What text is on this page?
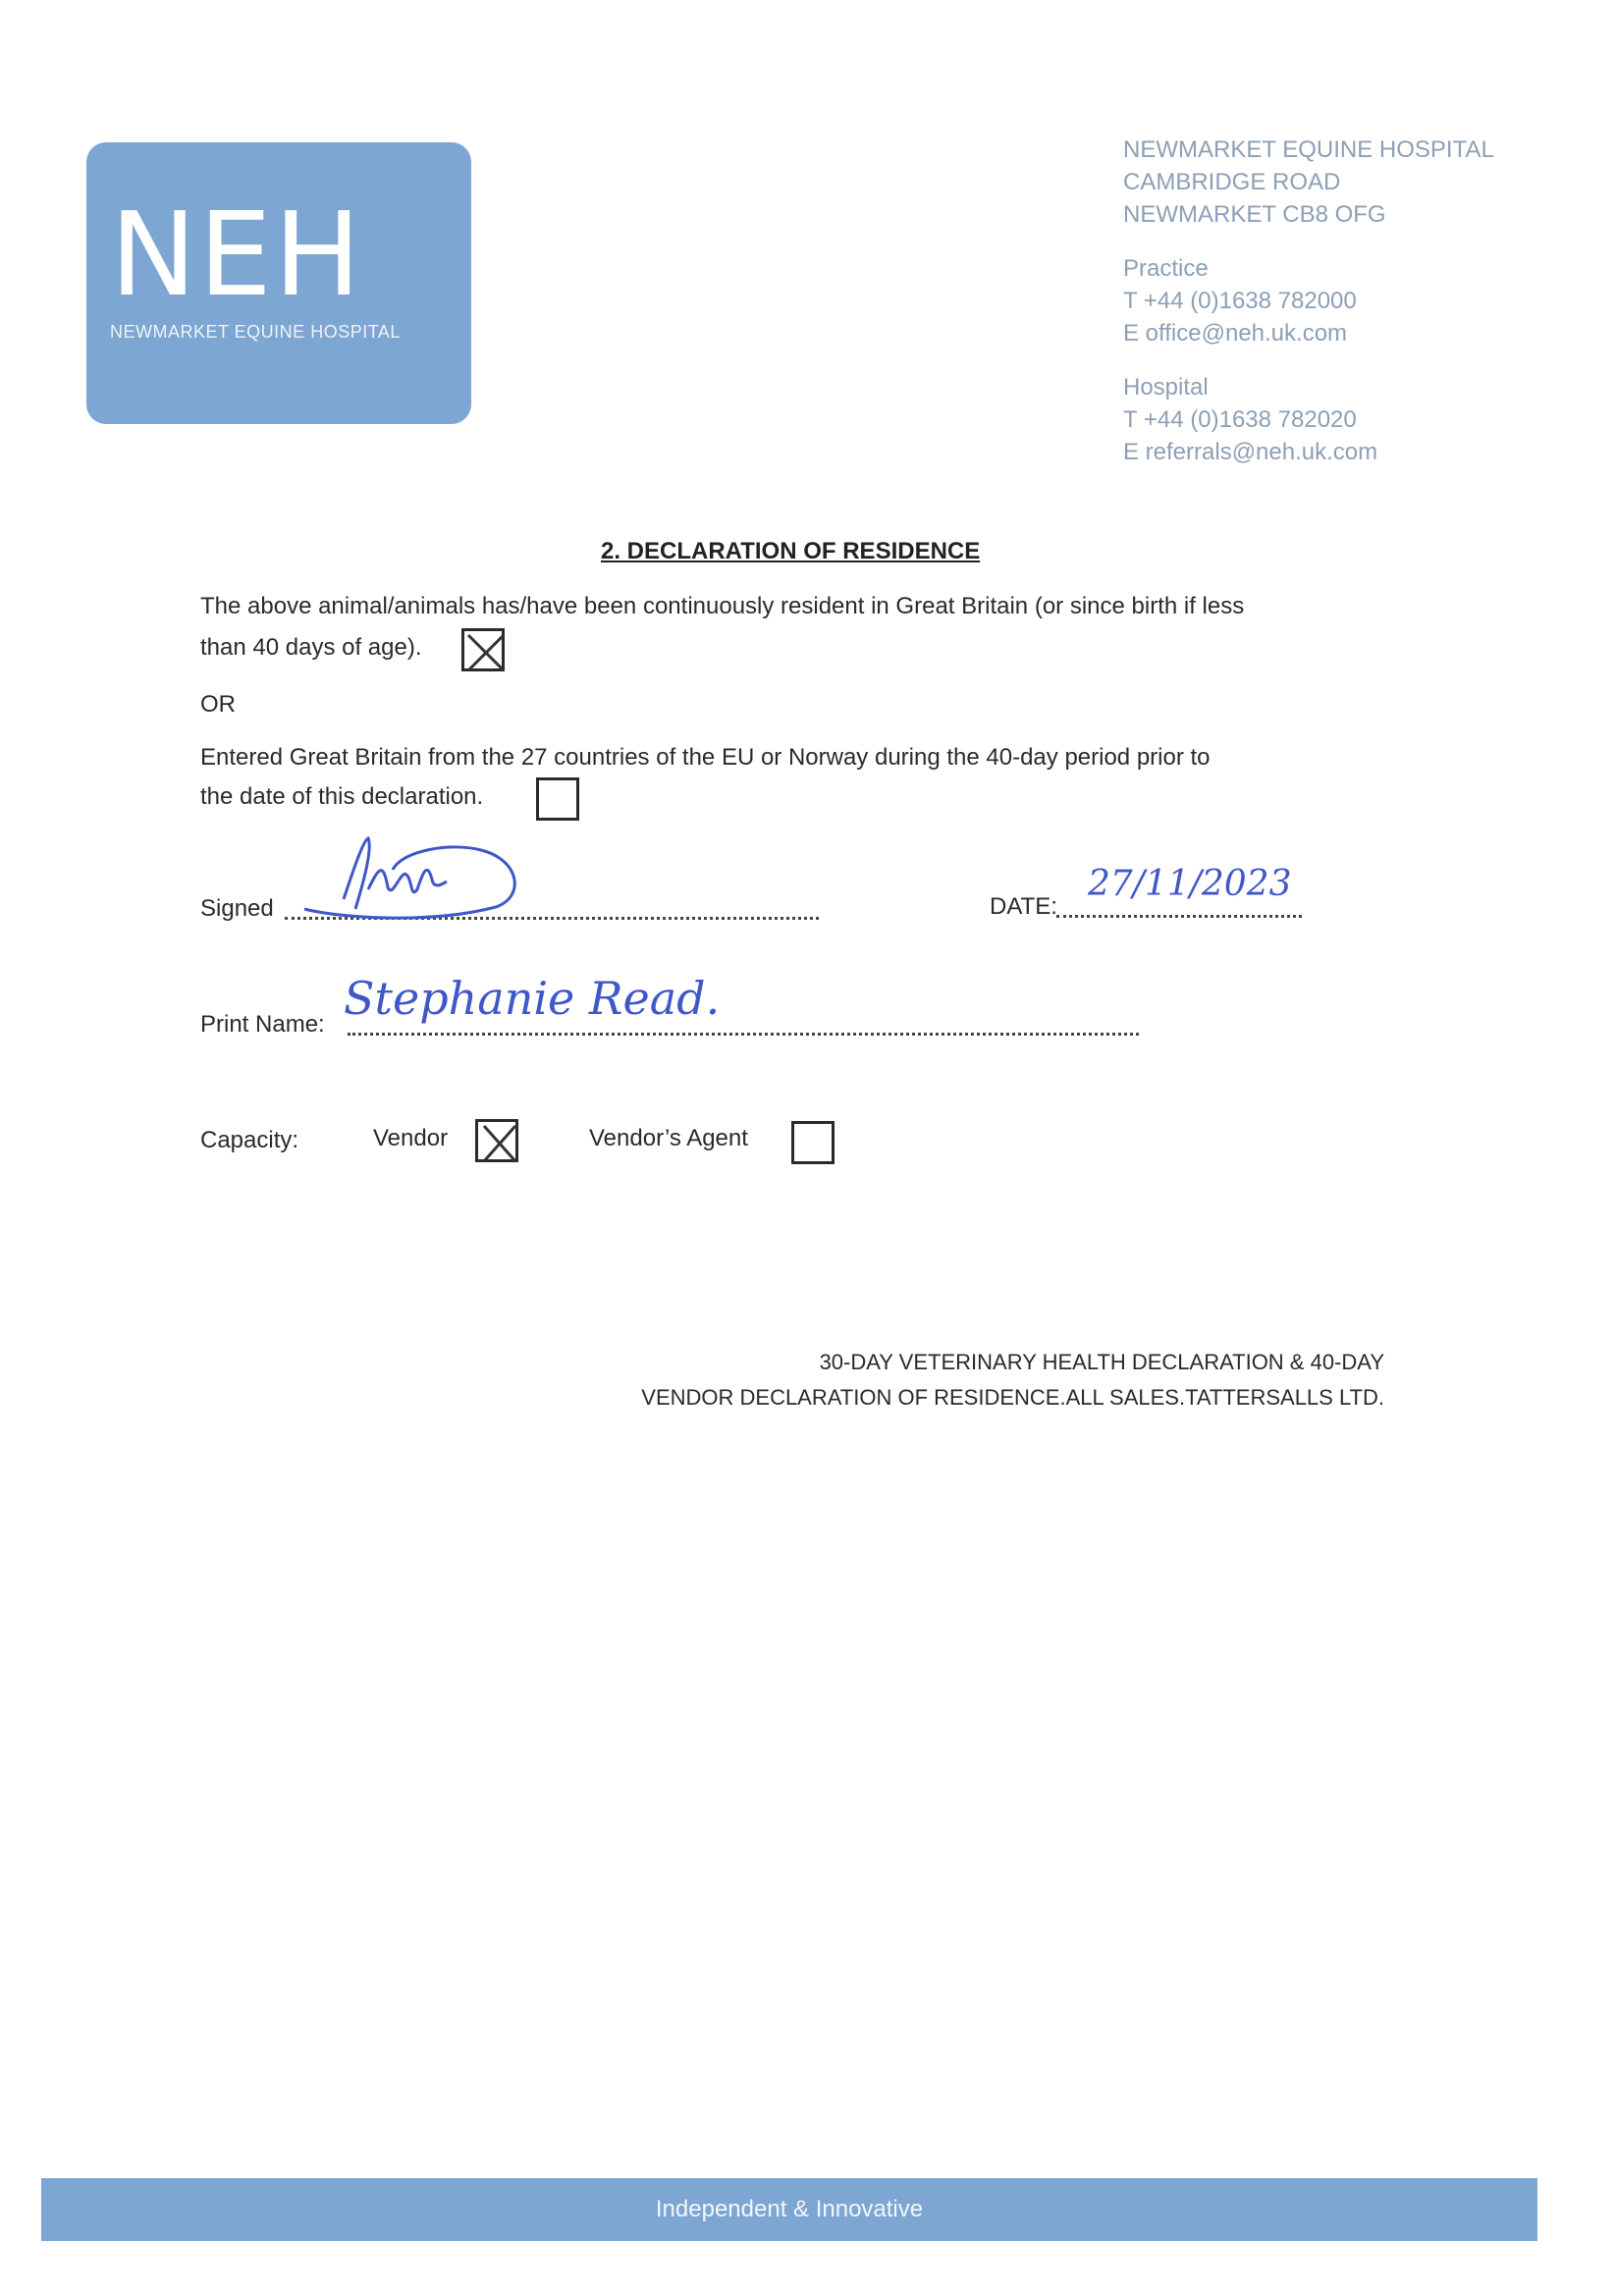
NEH
NEWMARKET EQUINE HOSPITAL
NEWMARKET EQUINE HOSPITAL
CAMBRIDGE ROAD
NEWMARKET CB8 OFG
Practice
T +44 (0)1638 782000
E office@neh.uk.com
Hospital
T +44 (0)1638 782020
E referrals@neh.uk.com
2. DECLARATION OF RESIDENCE
The above animal/animals has/have been continuously resident in Great Britain (or since birth if less
than 40 days of age).
OR
Entered Great Britain from the 27 countries of the EU or Norway during the 40-day period prior to
the date of this declaration.
Signed	DATE:
27/11/2023
Print Name: Stephanie Read.
Capacity:	Vendor	Vendor’s Agent
30-DAY VETERINARY HEALTH DECLARATION & 40-DAY
VENDOR DECLARATION OF RESIDENCE.ALL SALES.TATTERSALLS LTD.
Independent & Innovative
